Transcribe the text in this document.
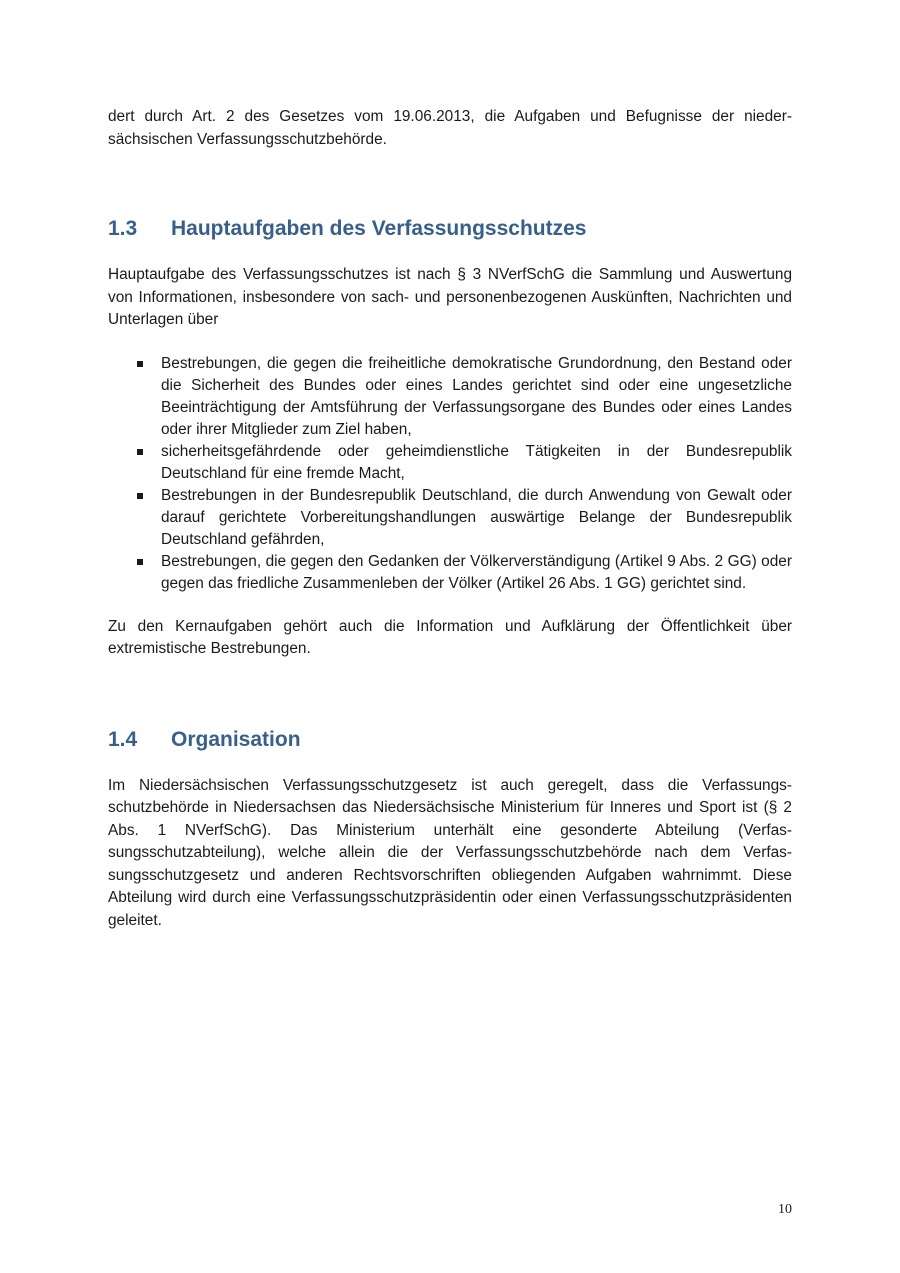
dert durch Art. 2 des Gesetzes vom 19.06.2013, die Aufgaben und Befugnisse der niedersächsischen Verfassungsschutzbehörde.

1.3	Hauptaufgaben des Verfassungsschutzes

Hauptaufgabe des Verfassungsschutzes ist nach § 3 NVerfSchG die Sammlung und Auswertung von Informationen, insbesondere von sach- und personenbezogenen Auskünften, Nachrichten und Unterlagen über

Bestrebungen, die gegen die freiheitliche demokratische Grundordnung, den Bestand oder die Sicherheit des Bundes oder eines Landes gerichtet sind oder eine ungesetzliche Beeinträchtigung der Amtsführung der Verfassungsorgane des Bundes oder eines Landes oder ihrer Mitglieder zum Ziel haben,
sicherheitsgefährdende oder geheimdienstliche Tätigkeiten in der Bundesrepublik Deutschland für eine fremde Macht,
Bestrebungen in der Bundesrepublik Deutschland, die durch Anwendung von Gewalt oder darauf gerichtete Vorbereitungshandlungen auswärtige Belange der Bundesrepublik Deutschland gefährden,
Bestrebungen, die gegen den Gedanken der Völkerverständigung (Artikel 9 Abs. 2 GG) oder gegen das friedliche Zusammenleben der Völker (Artikel 26 Abs. 1 GG) gerichtet sind.

Zu den Kernaufgaben gehört auch die Information und Aufklärung der Öffentlichkeit über extremistische Bestrebungen.

1.4	Organisation

Im Niedersächsischen Verfassungsschutzgesetz ist auch geregelt, dass die Verfassungsschutzbehörde in Niedersachsen das Niedersächsische Ministerium für Inneres und Sport ist (§ 2 Abs. 1 NVerfSchG). Das Ministerium unterhält eine gesonderte Abteilung (Verfassungsschutzabteilung), welche allein die der Verfassungsschutzbehörde nach dem Verfassungsschutzgesetz und anderen Rechtsvorschriften obliegenden Aufgaben wahrnimmt. Diese Abteilung wird durch eine Verfassungsschutzpräsidentin oder einen Verfassungsschutzpräsidenten geleitet.

10
